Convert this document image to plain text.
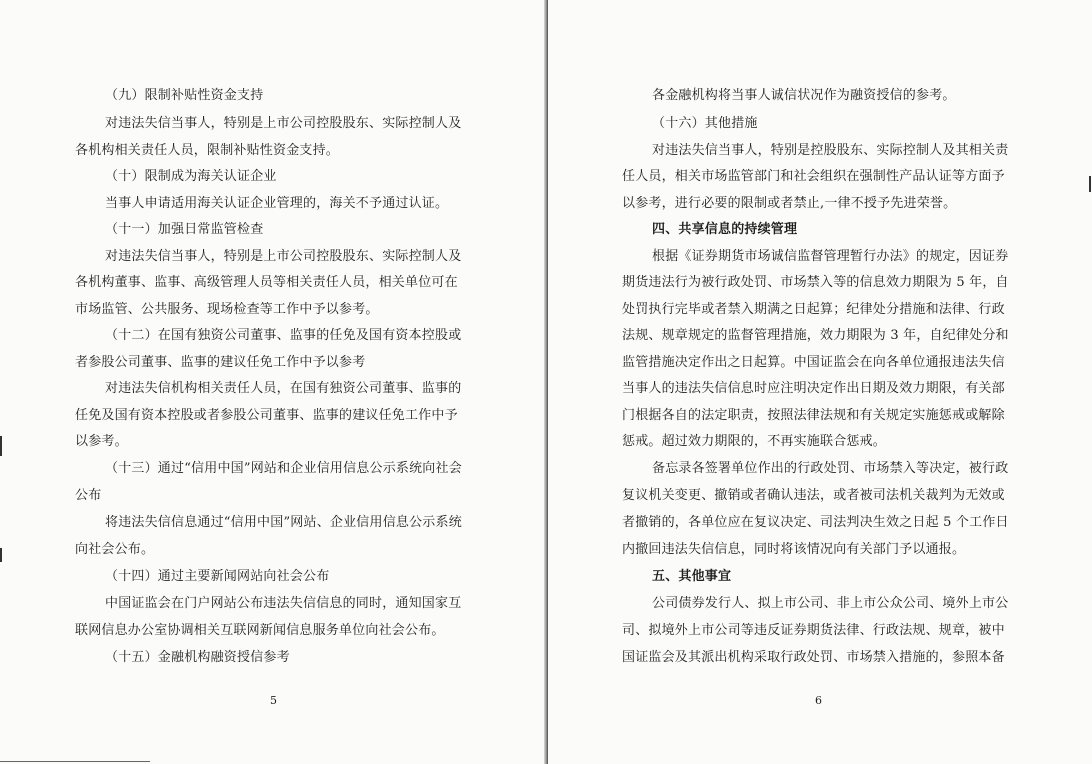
（九）限制补贴性资金支持
对违法失信当事人，特别是上市公司控股股东、实际控制人及
各机构相关责任人员，限制补贴性资金支持。
（十）限制成为海关认证企业
当事人申请适用海关认证企业管理的，海关不予通过认证。
（十一）加强日常监管检查
对违法失信当事人，特别是上市公司控股股东、实际控制人及
各机构董事、监事、高级管理人员等相关责任人员，相关单位可在
市场监管、公共服务、现场检查等工作中予以参考。
（十二）在国有独资公司董事、监事的任免及国有资本控股或
者参股公司董事、监事的建议任免工作中予以参考
对违法失信机构相关责任人员，在国有独资公司董事、监事的
任免及国有资本控股或者参股公司董事、监事的建议任免工作中予
以参考。
（十三）通过“信用中国”网站和企业信用信息公示系统向社会
公布
将违法失信信息通过“信用中国”网站、企业信用信息公示系统
向社会公布。
（十四）通过主要新闻网站向社会公布
中国证监会在门户网站公布违法失信信息的同时，通知国家互
联网信息办公室协调相关互联网新闻信息服务单位向社会公布。
（十五）金融机构融资授信参考
5
各金融机构将当事人诚信状况作为融资授信的参考。
（十六）其他措施
对违法失信当事人，特别是控股股东、实际控制人及其相关责
任人员，相关市场监管部门和社会组织在强制性产品认证等方面予
以参考，进行必要的限制或者禁止,一律不授予先进荣誉。
四、共享信息的持续管理
根据《证券期货市场诚信监督管理暂行办法》的规定，因证券
期货违法行为被行政处罚、市场禁入等的信息效力期限为 5 年，自
处罚执行完毕或者禁入期满之日起算；纪律处分措施和法律、行政
法规、规章规定的监督管理措施，效力期限为 3 年，自纪律处分和
监管措施决定作出之日起算。中国证监会在向各单位通报违法失信
当事人的违法失信信息时应注明决定作出日期及效力期限，有关部
门根据各自的法定职责，按照法律法规和有关规定实施惩戒或解除
惩戒。超过效力期限的，不再实施联合惩戒。
备忘录各签署单位作出的行政处罚、市场禁入等决定，被行政
复议机关变更、撤销或者确认违法，或者被司法机关裁判为无效或
者撤销的，各单位应在复议决定、司法判决生效之日起 5 个工作日
内撤回违法失信信息，同时将该情况向有关部门予以通报。
五、其他事宜
公司债券发行人、拟上市公司、非上市公众公司、境外上市公
司、拟境外上市公司等违反证券期货法律、行政法规、规章，被中
国证监会及其派出机构采取行政处罚、市场禁入措施的，参照本备
6
